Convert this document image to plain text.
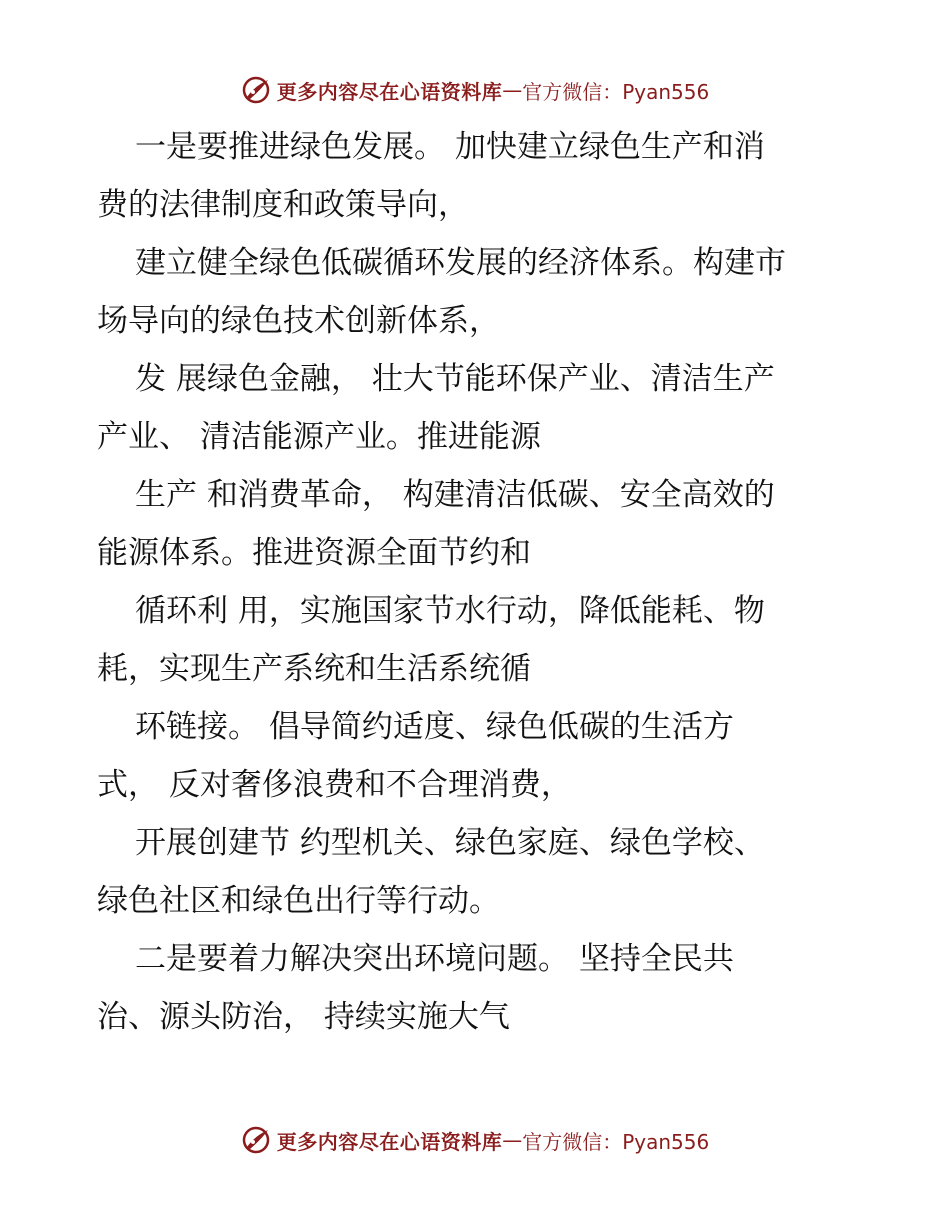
更多内容尽在心语资料库 — 官方微信：Pyan556
一是要推进绿色发展。 加快建立绿色生产和消
费的法律制度和政策导向，
建立健全绿色低碳循环发展的经济体系。构建市
场导向的绿色技术创新体系，
发 展绿色金融， 壮大节能环保产业、清洁生产
产业、 清洁能源产业。推进能源
生产 和消费革命， 构建清洁低碳、安全高效的
能源体系。推进资源全面节约和
循环利 用，实施国家节水行动，降低能耗、物
耗，实现生产系统和生活系统循
环链接。 倡导简约适度、绿色低碳的生活方
式， 反对奢侈浪费和不合理消费，
开展创建节 约型机关、绿色家庭、绿色学校、
绿色社区和绿色出行等行动。
二是要着力解决突出环境问题。 坚持全民共
治、源头防治， 持续实施大气
更多内容尽在心语资料库 — 官方微信：Pyan556
